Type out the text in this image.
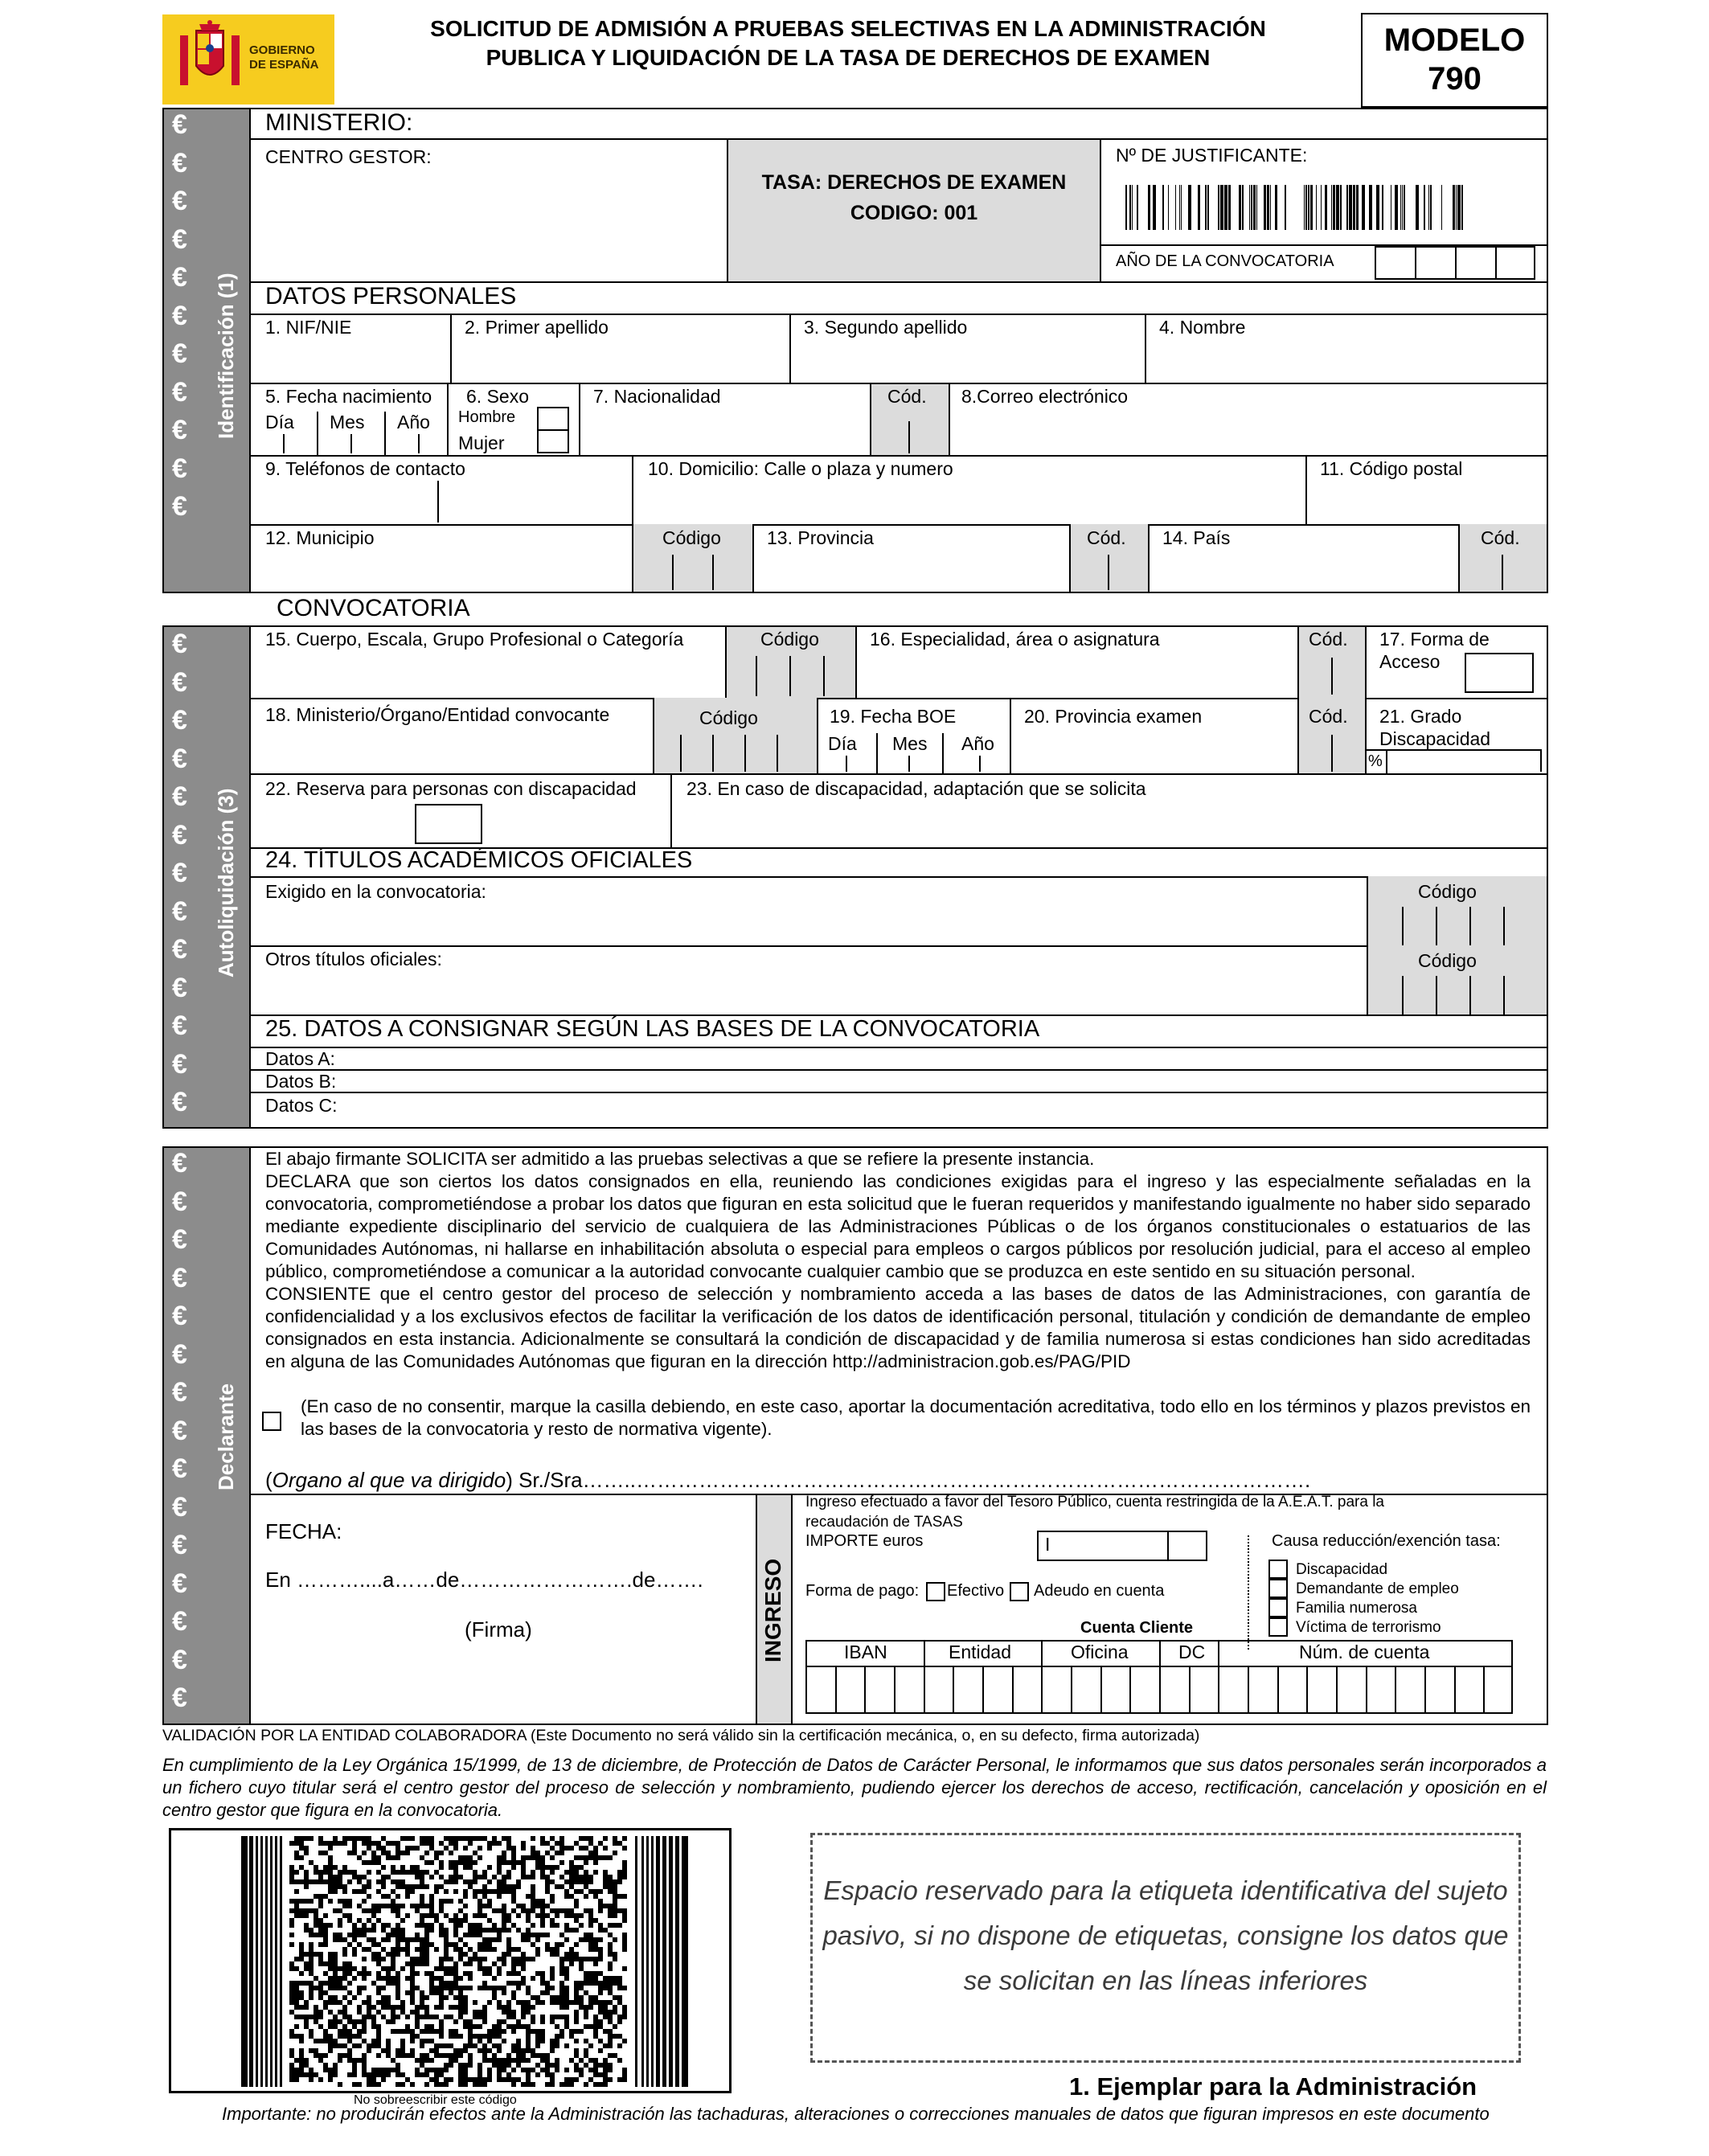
GOBIERNO DE ESPAÑA
SOLICITUD DE ADMISIÓN A PRUEBAS SELECTIVAS EN LA ADMINISTRACIÓN
PUBLICA Y LIQUIDACIÓN DE LA TASA DE DERECHOS DE EXAMEN	MODELO
790
Identificación (1)
€
€
€
€
€
€
€
€
€
€
€
MINISTERIO:
CENTRO GESTOR:
TASA: DERECHOS DE EXAMEN
CODIGO: 001
Nº DE JUSTIFICANTE:
AÑO DE LA CONVOCATORIA
DATOS PERSONALES
1. NIF/NIE	2. Primer apellido	3. Segundo apellido	4. Nombre
5. Fecha nacimiento
Día Mes Año
6. Sexo
Hombre
Mujer
7. Nacionalidad	Cód. 8.Correo electrónico
9. Teléfonos de contacto	10. Domicilio: Calle o plaza y numero	11. Código postal
12. Municipio	Código 13. Provincia	Cód. 14. País	Cód.
CONVOCATORIA
Autoliquidación (3)
€
€
€
€
€
€
€
€
€
€
€
€
€
15. Cuerpo, Escala, Grupo Profesional o Categoría	Código	16. Especialidad, área o asignatura	Cód. 17. Forma de
Acceso
18. Ministerio/Órgano/Entidad convocante	Código	19. Fecha BOE
Día Mes Año
20. Provincia examen	Cód. 21. Grado
Discapacidad
%
22. Reserva para personas con discapacidad	23. En caso de discapacidad, adaptación que se solicita
24. TÍTULOS ACADÉMICOS OFICIALES
Exigido en la convocatoria:	Código
Otros títulos oficiales:	Código
25. DATOS A CONSIGNAR SEGÚN LAS BASES DE LA CONVOCATORIA
Datos A:
Datos B:
Datos C:
Declarante
€
€
€
€
€
€
€
€
€
€
€
€
€
€
€
El abajo firmante SOLICITA ser admitido a las pruebas selectivas a que se refiere la presente instancia.
DECLARA que son ciertos los datos consignados en ella, reuniendo las condiciones exigidas para el ingreso y las especialmente señaladas en la convocatoria, comprometiéndose a probar los datos que figuran en esta solicitud que le fueran requeridos y manifestando igualmente no haber sido separado mediante expediente disciplinario del servicio de cualquiera de las Administraciones Públicas o de los órganos constitucionales o estatuarios de las Comunidades Autónomas, ni hallarse en inhabilitación absoluta o especial para empleos o cargos públicos por resolución judicial, para el acceso al empleo público, comprometiéndose a comunicar a la autoridad convocante cualquier cambio que se produzca en este sentido en su situación personal.
CONSIENTE que el centro gestor del proceso de selección y nombramiento acceda a las bases de datos de las Administraciones, con garantía de confidencialidad y a los exclusivos efectos de facilitar la verificación de los datos de identificación personal, titulación y condición de demandante de empleo consignados en esta instancia. Adicionalmente se consultará la condición de discapacidad y de familia numerosa si estas condiciones han sido acreditadas en alguna de las Comunidades Autónomas que figuran en la dirección http://administracion.gob.es/PAG/PID
(En caso de no consentir, marque la casilla debiendo, en este caso, aportar la documentación acreditativa, todo ello en los términos y plazos previstos en las bases de la convocatoria y resto de normativa vigente).
(Organo al que va dirigido) Sr./Sra……..…………………………………………………………………………………….
INGRESO
FECHA:
En ………....a……de…………………….de…….
(Firma)
Ingreso efectuado a favor del Tesoro Público, cuenta restringida de la A.E.A.T. para la recaudación de TASAS
IMPORTE euros	I	Causa reducción/exención tasa:
Discapacidad
Demandante de empleo
Familia numerosa
Víctima de terrorismo
Forma de pago: Efectivo Adeudo en cuenta
Cuenta Cliente
IBAN	Entidad	Oficina	DC	Núm. de cuenta
VALIDACIÓN POR LA ENTIDAD COLABORADORA (Este Documento no será válido sin la certificación mecánica, o, en su defecto, firma autorizada)
En cumplimiento de la Ley Orgánica 15/1999, de 13 de diciembre, de Protección de Datos de Carácter Personal, le informamos que sus datos personales serán incorporados a un fichero cuyo titular será el centro gestor del proceso de selección y nombramiento, pudiendo ejercer los derechos de acceso, rectificación, cancelación y oposición en el centro gestor que figura en la convocatoria.
No sobreescribir este código
Espacio reservado para la etiqueta identificativa del sujeto pasivo, si no dispone de etiquetas, consigne los datos que se solicitan en las líneas inferiores
1. Ejemplar para la Administración
Importante: no producirán efectos ante la Administración las tachaduras, alteraciones o correcciones manuales de datos que figuran impresos en este documento
